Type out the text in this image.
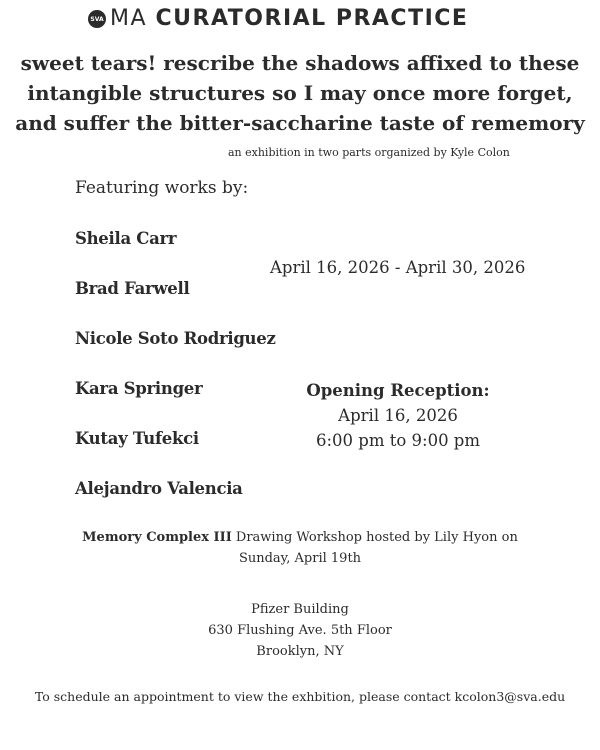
SVA MA CURATORIAL PRACTICE
sweet tears! rescribe the shadows affixed to these
intangible structures so I may once more forget,
and suffer the bitter-saccharine taste of rememory
an exhibition in two parts organized by Kyle Colon
Featuring works by:
Sheila Carr
Brad Farwell
Nicole Soto Rodriguez
Kara Springer
Kutay Tufekci
Alejandro Valencia
April 16, 2026 - April 30, 2026
Opening Reception:
April 16, 2026
6:00 pm to 9:00 pm
Memory Complex III Drawing Workshop hosted by Lily Hyon on
Sunday, April 19th
Pfizer Building
630 Flushing Ave. 5th Floor
Brooklyn, NY
To schedule an appointment to view the exhbition, please contact kcolon3@sva.edu
